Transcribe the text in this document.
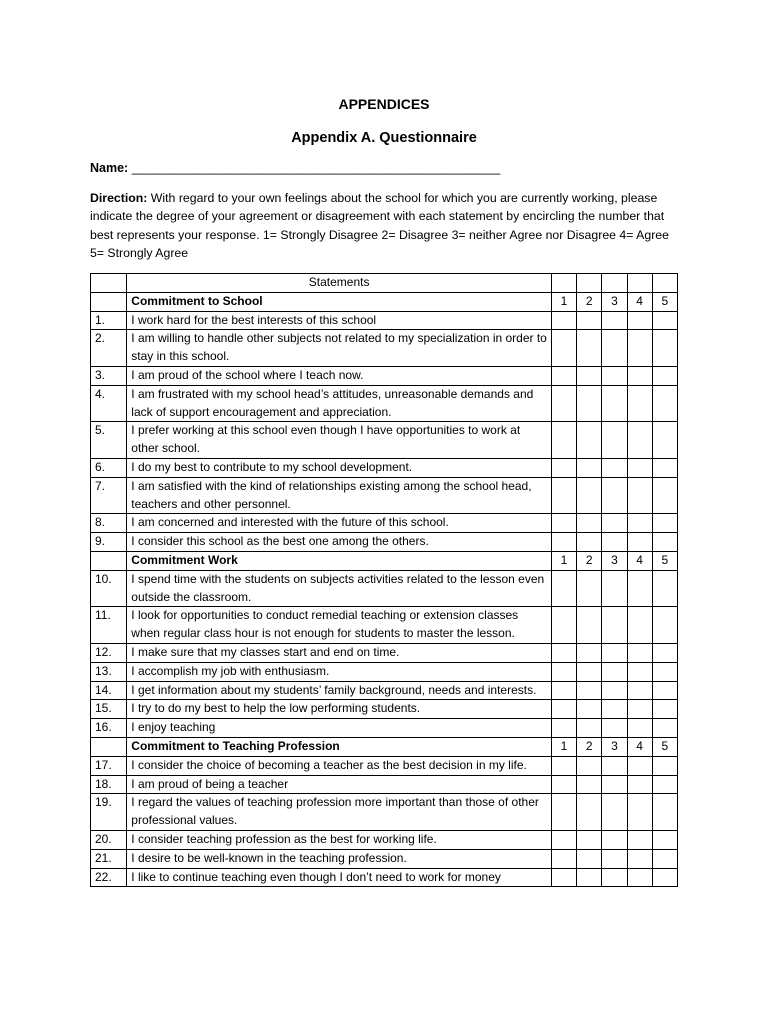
APPENDICES
Appendix A. Questionnaire
Name: _____________________________________________________
Direction: With regard to your own feelings about the school for which you are currently working, please indicate the degree of your agreement or disagreement with each statement by encircling the number that best represents your response. 1= Strongly Disagree 2= Disagree 3= neither Agree nor Disagree 4= Agree 5= Strongly Agree
	Statements					
	Commitment to School	1	2	3	4	5
1.	I work hard for the best interests of this school					
2.	I am willing to handle other subjects not related to my specialization in order to stay in this school.					
3.	I am proud of the school where I teach now.					
4.	I am frustrated with my school head’s attitudes, unreasonable demands and lack of support encouragement and appreciation.					
5.	I prefer working at this school even though I have opportunities to work at other school.					
6.	I do my best to contribute to my school development.					
7.	I am satisfied with the kind of relationships existing among the school head, teachers and other personnel.					
8.	I am concerned and interested with the future of this school.					
9.	I consider this school as the best one among the others.					
	Commitment Work	1	2	3	4	5
10.	I spend time with the students on subjects activities related to the lesson even outside the classroom.					
11.	I look for opportunities to conduct remedial teaching or extension classes when regular class hour is not enough for students to master the lesson.					
12.	I make sure that my classes start and end on time.					
13.	I accomplish my job with enthusiasm.					
14.	I get information about my students’ family background, needs and interests.					
15.	I try to do my best to help the low performing students.					
16.	I enjoy teaching					
	Commitment to Teaching Profession	1	2	3	4	5
17.	I consider the choice of becoming a teacher as the best decision in my life.					
18.	I am proud of being a teacher					
19.	I regard the values of teaching profession more important than those of other professional values.					
20.	I consider teaching profession as the best for working life.					
21.	I desire to be well-known in the teaching profession.					
22.	I like to continue teaching even though I don’t need to work for money					
